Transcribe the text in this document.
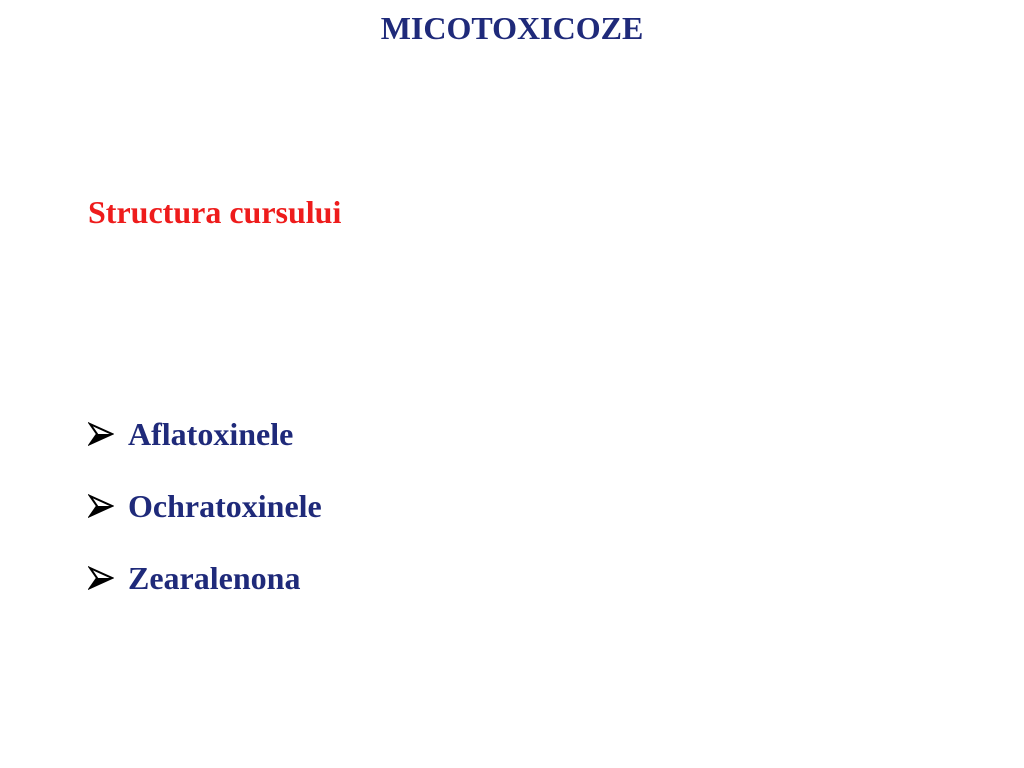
MICOTOXICOZE
Structura cursului
Aflatoxinele
Ochratoxinele
Zearalenona
